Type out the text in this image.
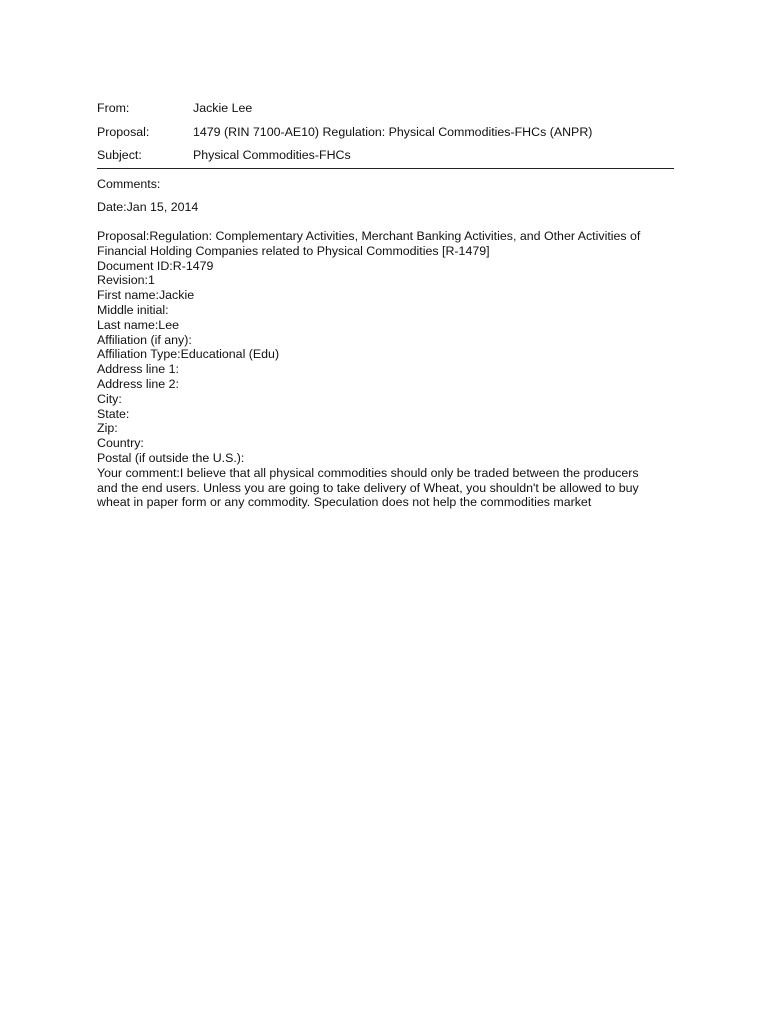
From:	Jackie Lee
Proposal:	1479 (RIN 7100-AE10) Regulation: Physical Commodities-FHCs (ANPR)
Subject:	Physical Commodities-FHCs
Comments:
Date:Jan 15, 2014
Proposal:Regulation: Complementary Activities, Merchant Banking Activities, and Other Activities of
Financial Holding Companies related to Physical Commodities [R-1479]
Document ID:R-1479
Revision:1
First name:Jackie
Middle initial:
Last name:Lee
Affiliation (if any):
Affiliation Type:Educational (Edu)
Address line 1:
Address line 2:
City:
State:
Zip:
Country:
Postal (if outside the U.S.):
Your comment:I believe that all physical commodities should only be traded between the producers
and the end users. Unless you are going to take delivery of Wheat, you shouldn't be allowed to buy
wheat in paper form or any commodity. Speculation does not help the commodities market
